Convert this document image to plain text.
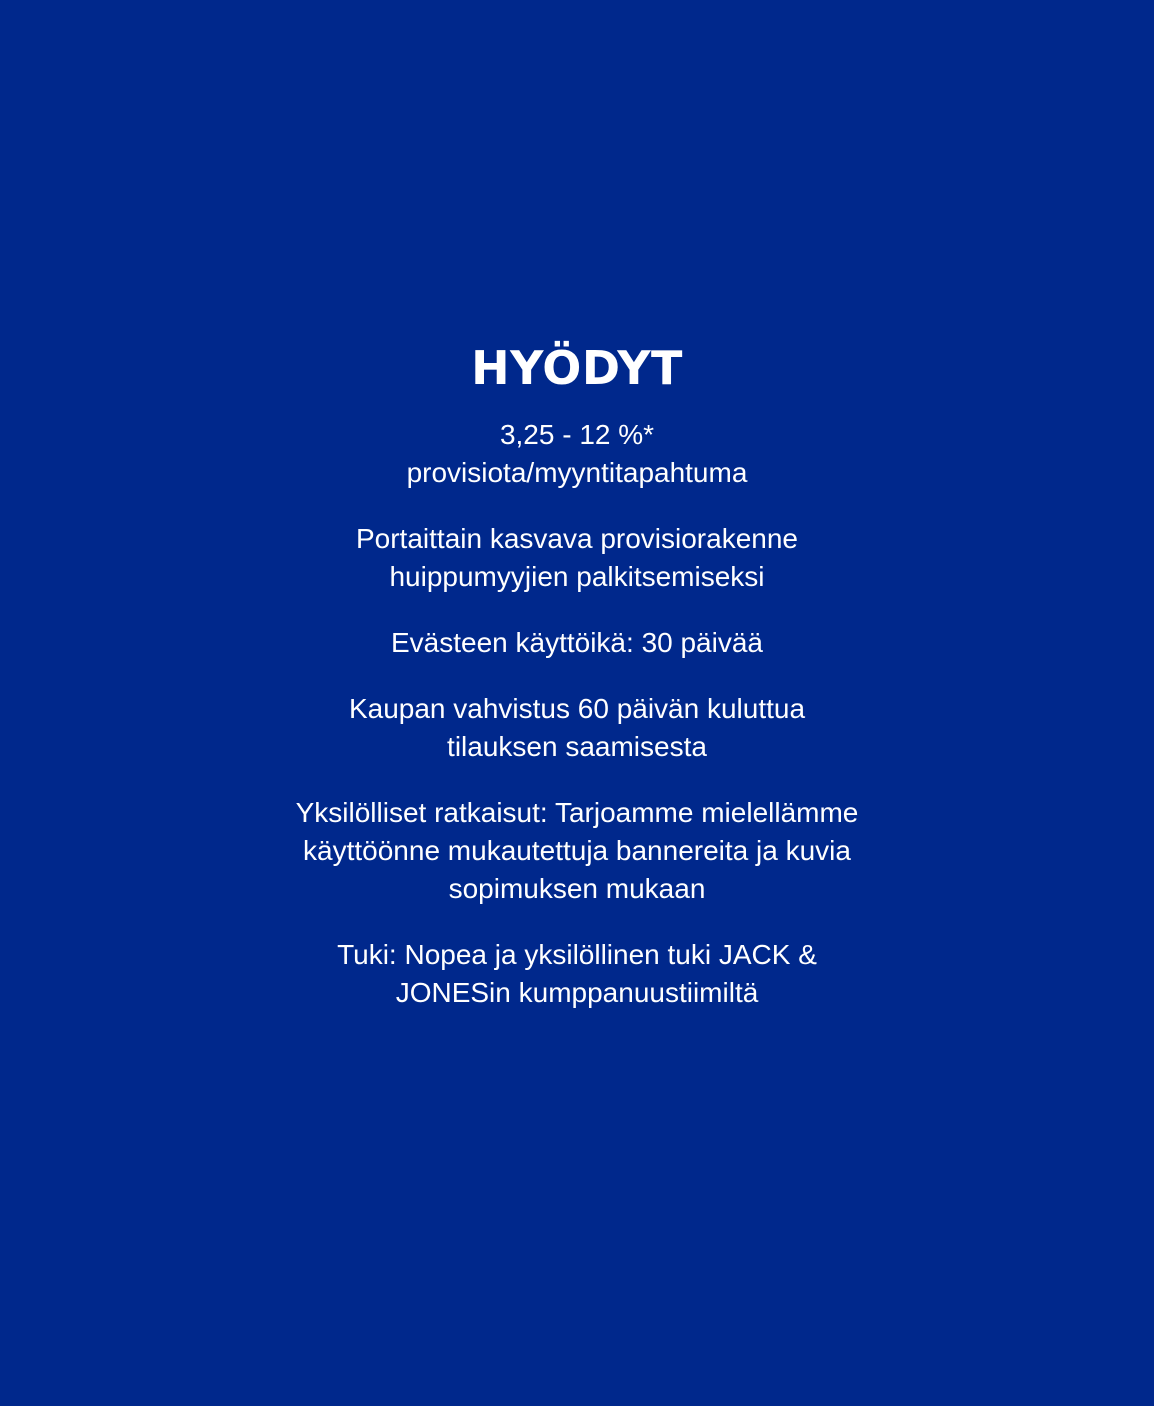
HYÖDYT
3,25 - 12 %*
provisiota/myyntitapahtuma
Portaittain kasvava provisiorakenne
huippumyyjien palkitsemiseksi
Evästeen käyttöikä: 30 päivää
Kaupan vahvistus 60 päivän kuluttua
tilauksen saamisesta
Yksilölliset ratkaisut: Tarjoamme mielellämme
käyttöönne mukautettuja bannereita ja kuvia
sopimuksen mukaan
Tuki: Nopea ja yksilöllinen tuki JACK &
JONESin kumppanuustiimiltä
